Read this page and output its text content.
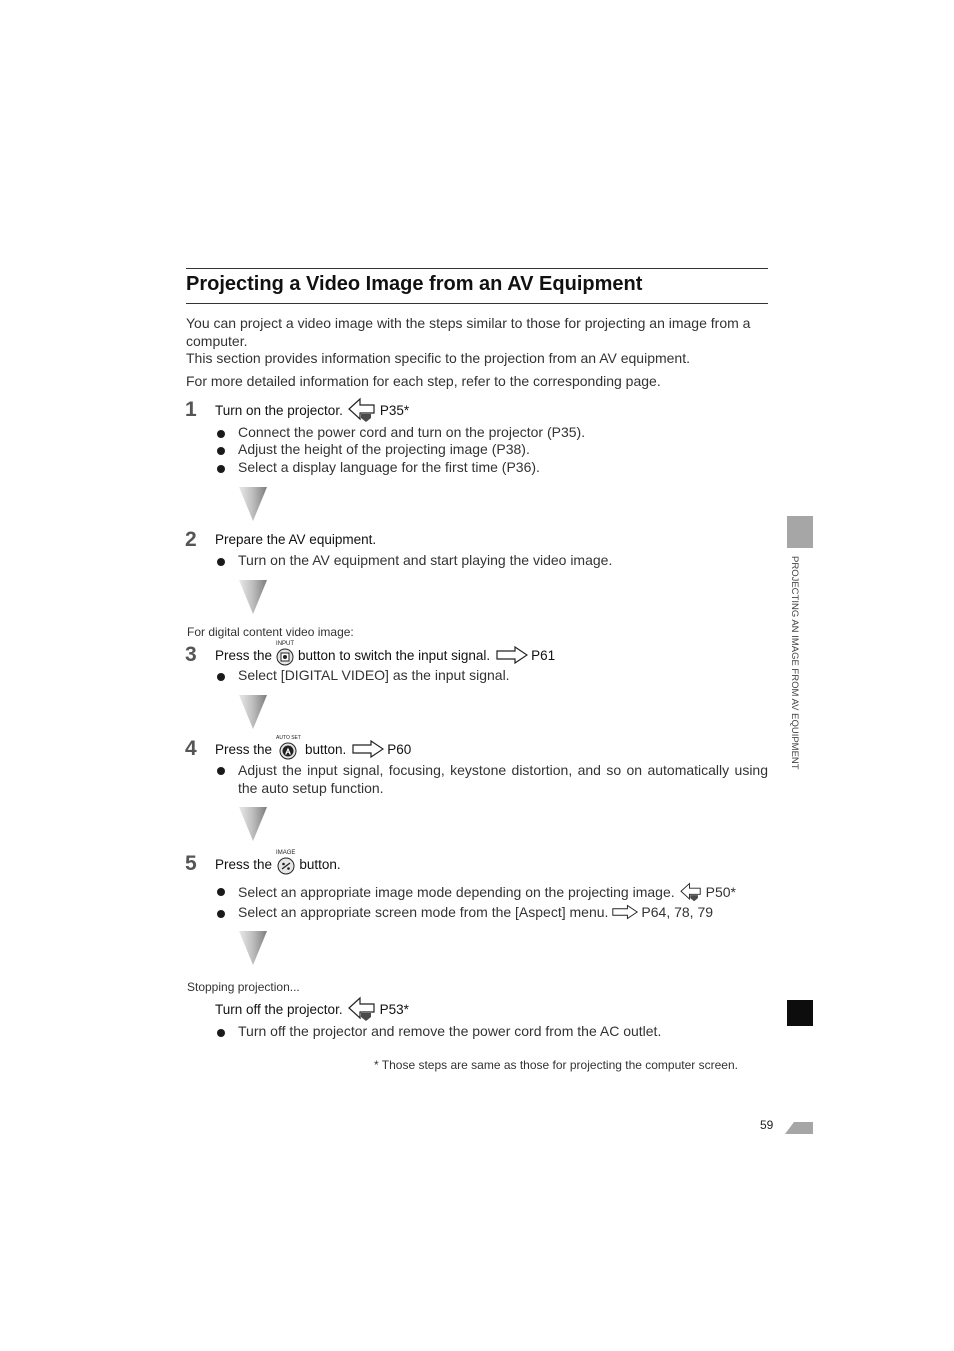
Projecting a Video Image from an AV Equipment
You can project a video image with the steps similar to those for projecting an image from a computer.
This section provides information specific to the projection from an AV equipment.
For more detailed information for each step, refer to the corresponding page.
1 Turn on the projector.	P35*
Connect the power cord and turn on the projector (P35).
Adjust the height of the projecting image (P38).
Select a display language for the first time (P36).
2 Prepare the AV equipment.
Turn on the AV equipment and start playing the video image.
For digital content video image:
3 Press the
INPUT
button to switch the input signal.	P61
Select [DIGITAL VIDEO] as the input signal.
4 Press the
AUTO SET
button.	P60
Adjust the input signal, focusing, keystone distortion, and so on automatically using the auto setup function.
5 Press the
IMAGE
button.
Select an appropriate image mode depending on the projecting image. P50*
Select an appropriate screen mode from the [Aspect] menu. P64, 78, 79
Stopping projection...
Turn off the projector.	P53*
Turn off the projector and remove the power cord from the AC outlet.
* Those steps are same as those for projecting the computer screen.
PROJECTING AN IMAGE FROM AV EQUIPMENT
59
